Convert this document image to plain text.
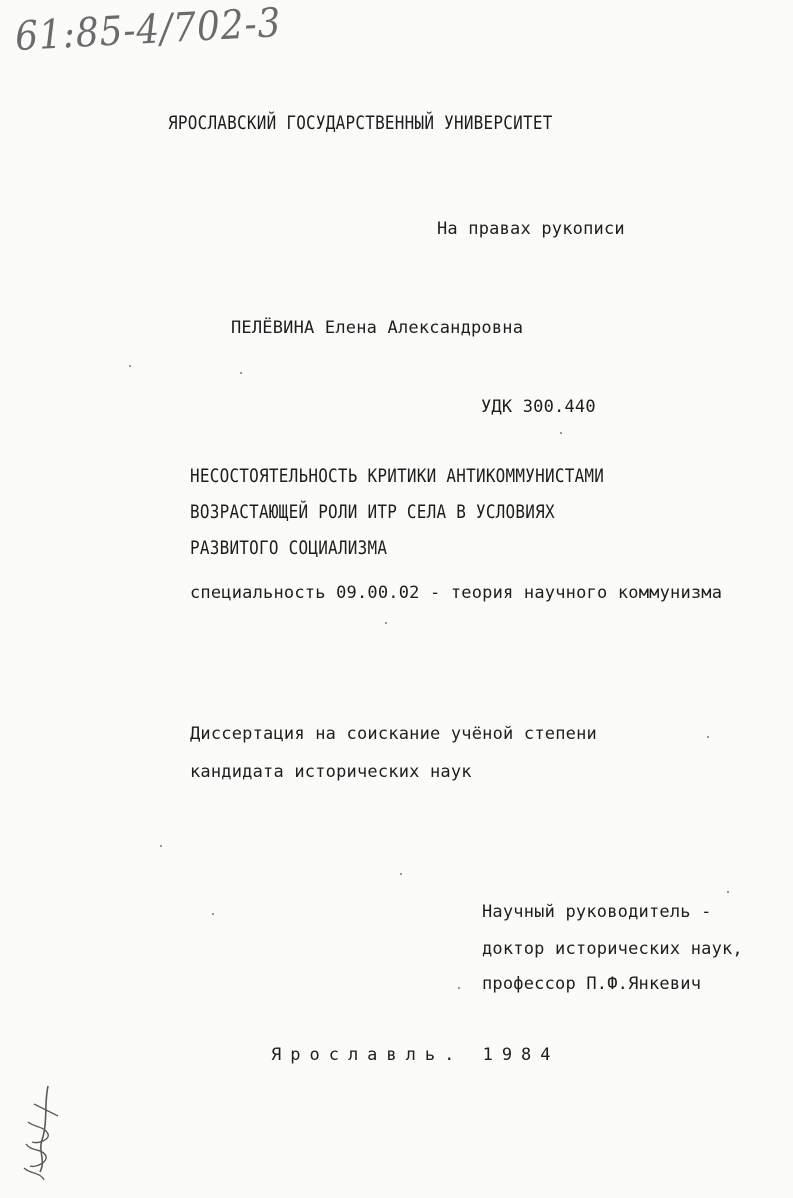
61:85-4/702-3
ЯРОСЛАВСКИЙ ГОСУДАРСТВЕННЫЙ УНИВЕРСИТЕТ
На правах рукописи
ПЕЛЁВИНА Елена Александровна
УДК 300.440
НЕСОСТОЯТЕЛЬНОСТЬ КРИТИКИ АНТИКОММУНИСТАМИ
ВОЗРАСТАЮЩЕЙ РОЛИ ИТР СЕЛА В УСЛОВИЯХ
РАЗВИТОГО СОЦИАЛИЗМА
специальность 09.00.02 - теория научного коммунизма
Диссертация на соискание учёной степени
кандидата исторических наук
Научный руководитель -
доктор исторических наук,
профессор П.Ф.Янкевич
Ярославль. 1984
